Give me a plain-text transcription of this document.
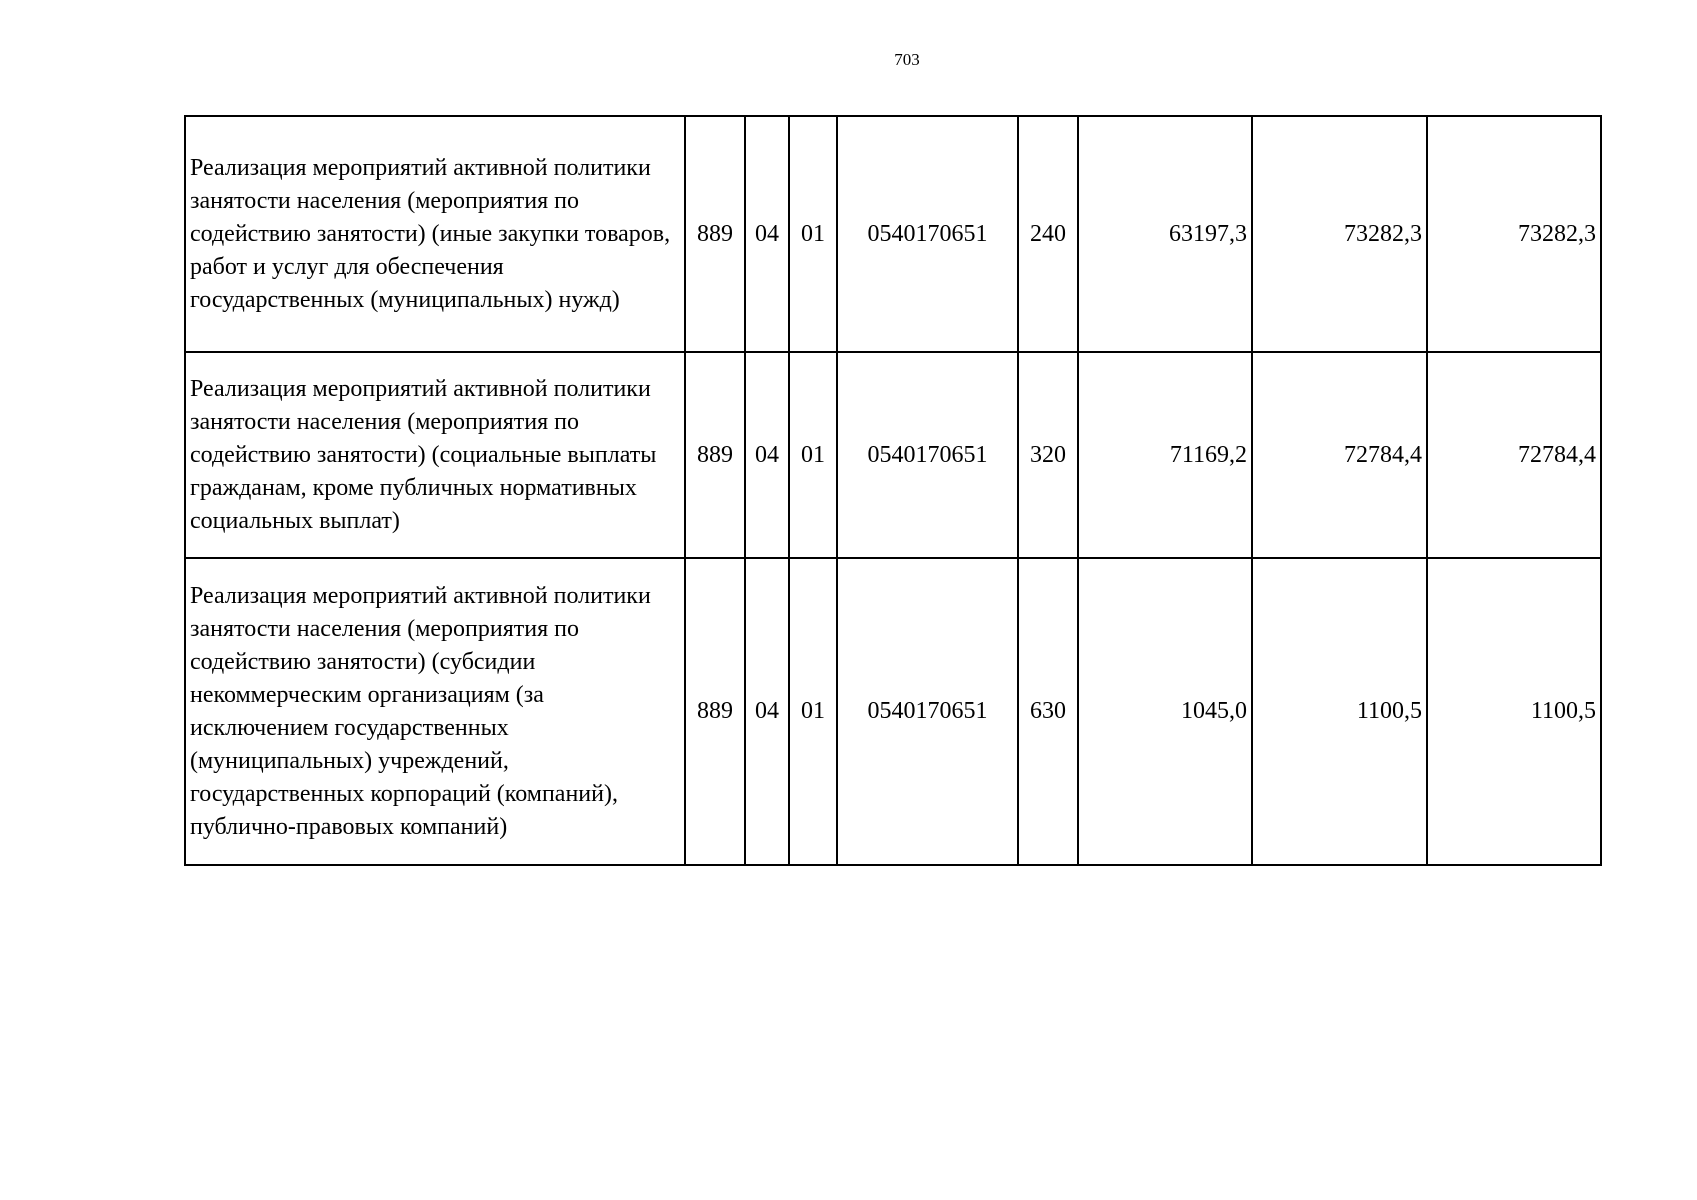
703
Реализация мероприятий активной политики занятости населения (мероприятия по содействию занятости) (иные закупки товаров, работ и услуг для обеспечения государственных (муниципальных) нужд)	889	04	01	0540170651	240	63197,3	73282,3	73282,3
Реализация мероприятий активной политики занятости населения (мероприятия по содействию занятости) (социальные выплаты гражданам, кроме публичных нормативных социальных выплат)	889	04	01	0540170651	320	71169,2	72784,4	72784,4
Реализация мероприятий активной политики занятости населения (мероприятия по содействию занятости) (субсидии некоммерческим организациям (за исключением государственных (муниципальных) учреждений, государственных корпораций (компаний), публично-правовых компаний)	889	04	01	0540170651	630	1045,0	1100,5	1100,5
